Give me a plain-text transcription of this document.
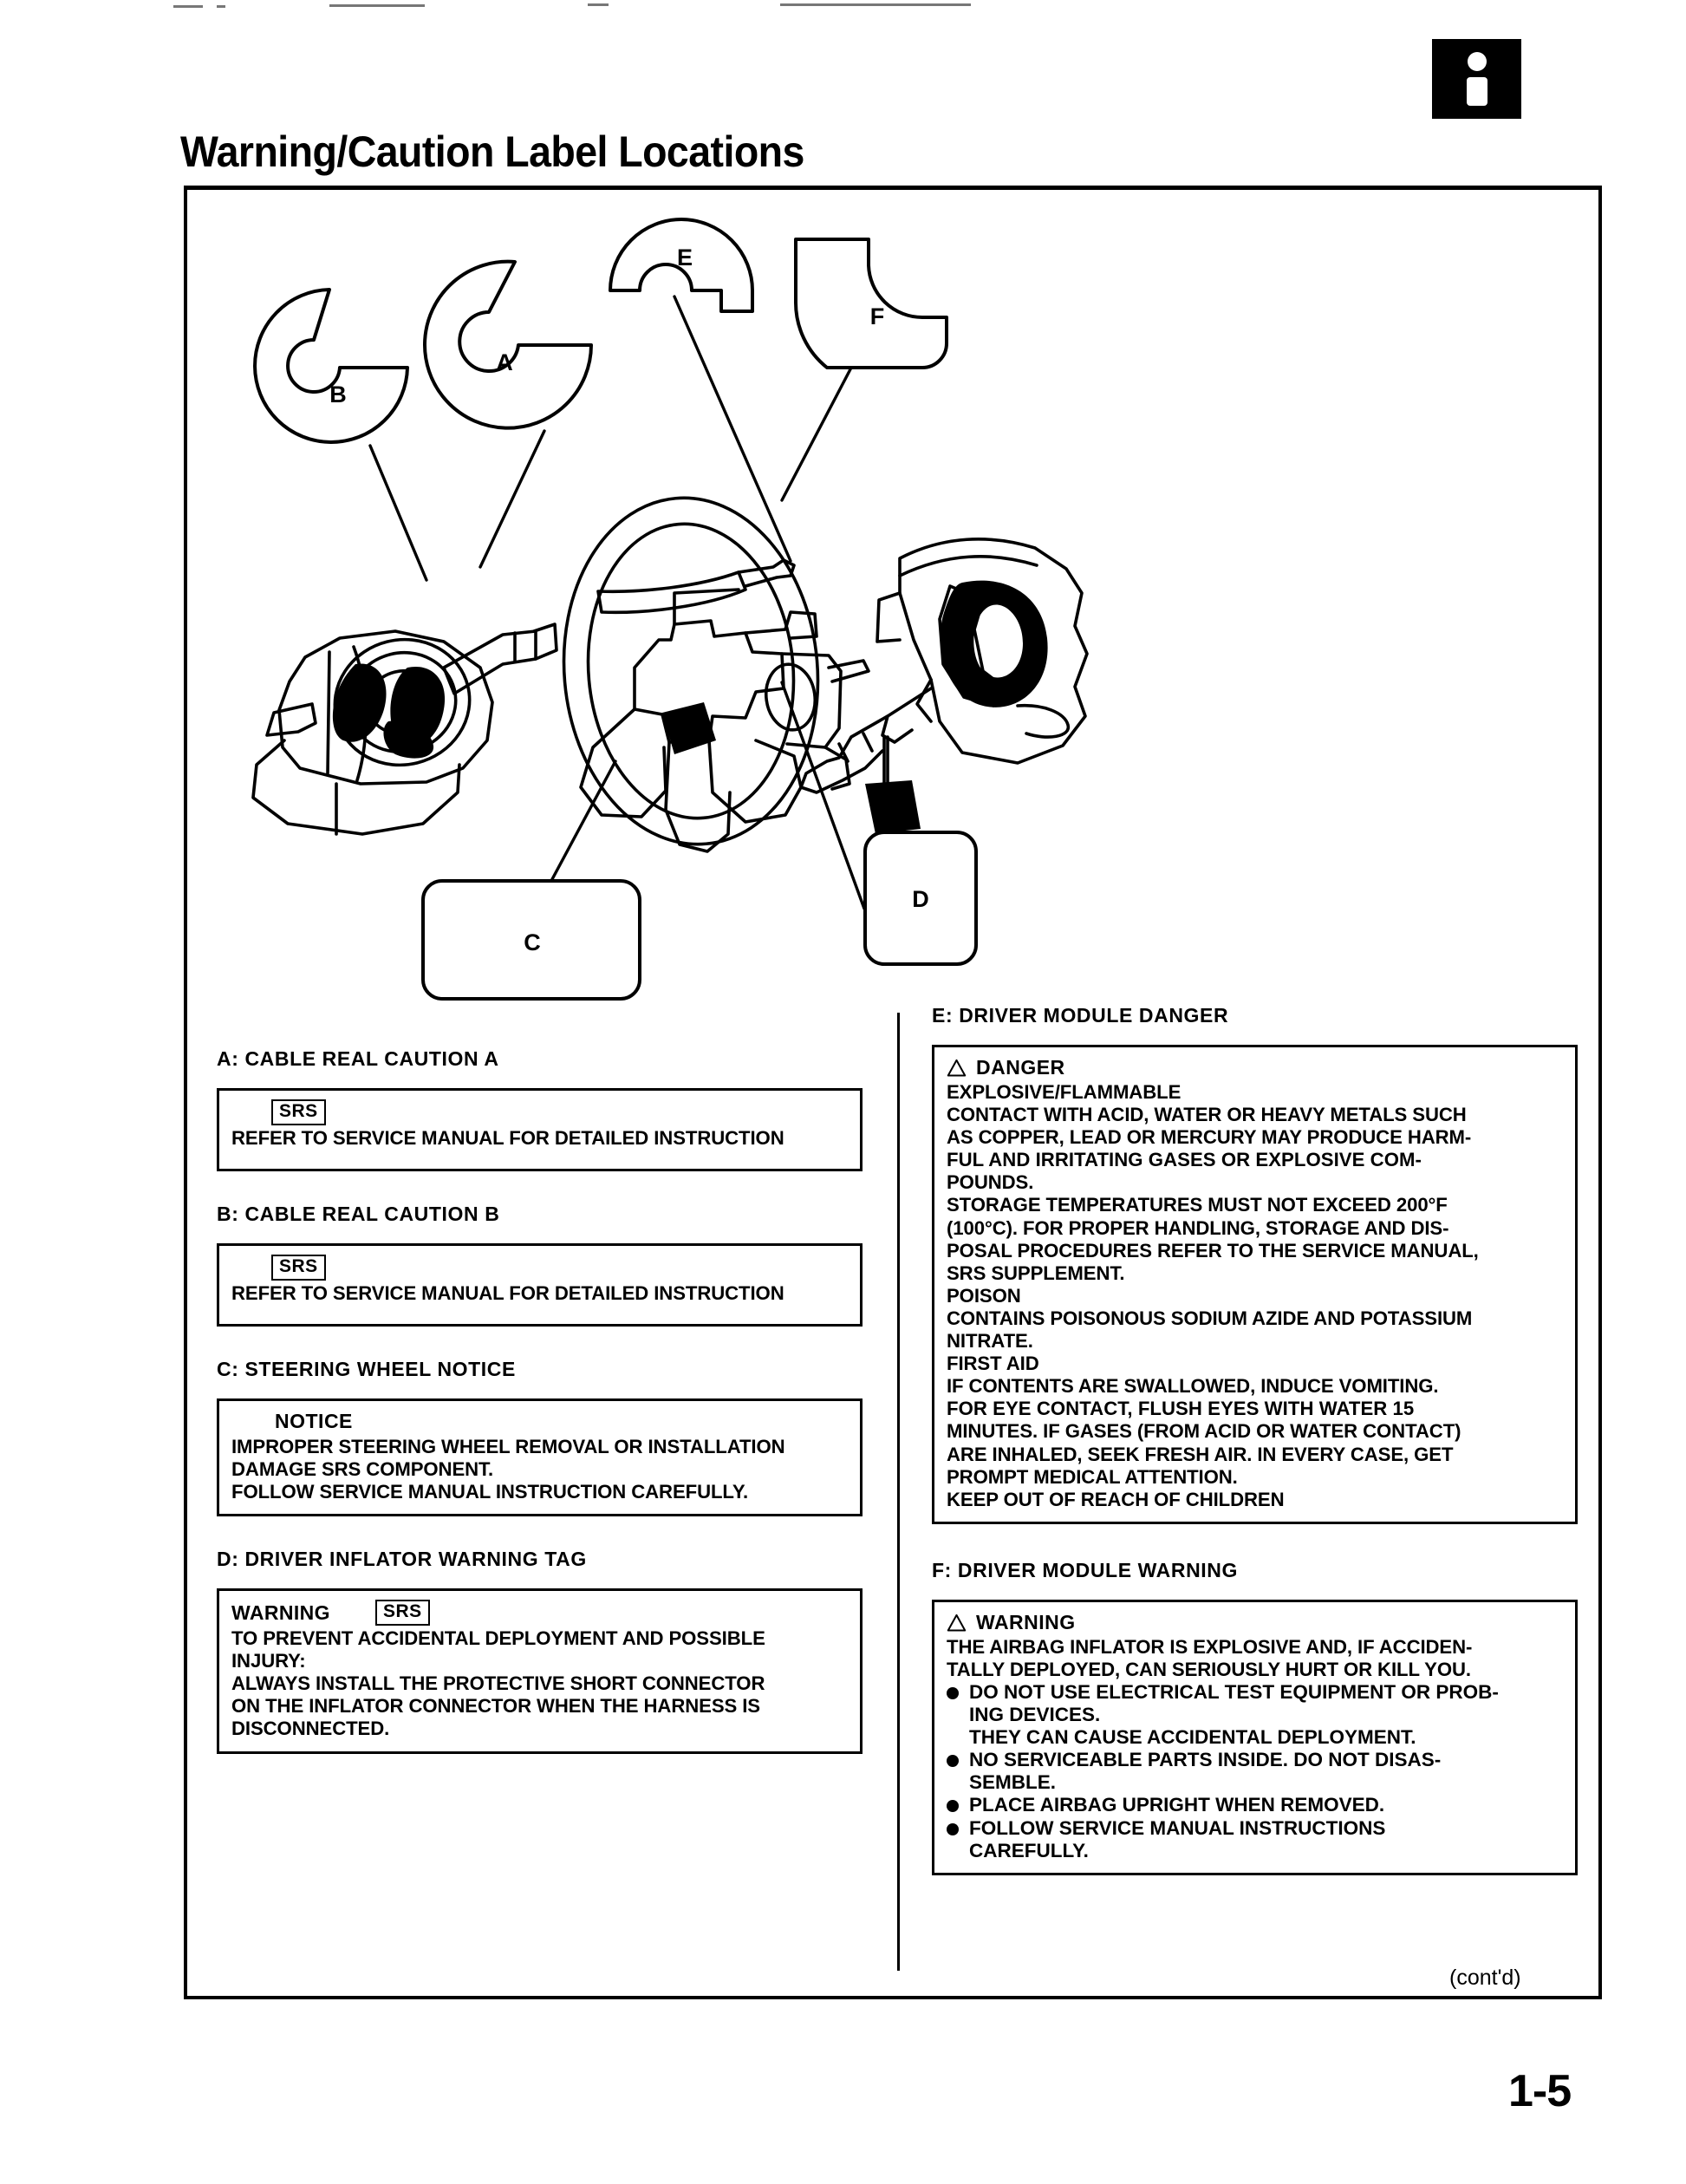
Warning/Caution Label Locations
B
A
E
F
C
D
A: CABLE REAL CAUTION A
SRS
REFER TO SERVICE MANUAL FOR DETAILED INSTRUCTION
B: CABLE REAL CAUTION B
SRS
REFER TO SERVICE MANUAL FOR DETAILED INSTRUCTION
C: STEERING WHEEL NOTICE
NOTICE
IMPROPER STEERING WHEEL REMOVAL OR INSTALLATION
DAMAGE SRS COMPONENT.
FOLLOW SERVICE MANUAL INSTRUCTION CAREFULLY.
D: DRIVER INFLATOR WARNING TAG
WARNING	SRS
TO PREVENT ACCIDENTAL DEPLOYMENT AND POSSIBLE
INJURY:
ALWAYS INSTALL THE PROTECTIVE SHORT CONNECTOR
ON THE INFLATOR CONNECTOR WHEN THE HARNESS IS
DISCONNECTED.
E: DRIVER MODULE DANGER
DANGER
EXPLOSIVE/FLAMMABLE
CONTACT WITH ACID, WATER OR HEAVY METALS SUCH
AS COPPER, LEAD OR MERCURY MAY PRODUCE HARM-
FUL AND IRRITATING GASES OR EXPLOSIVE COM-
POUNDS.
STORAGE TEMPERATURES MUST NOT EXCEED 200°F
(100°C). FOR PROPER HANDLING, STORAGE AND DIS-
POSAL PROCEDURES REFER TO THE SERVICE MANUAL,
SRS SUPPLEMENT.
POISON
CONTAINS POISONOUS SODIUM AZIDE AND POTASSIUM
NITRATE.
FIRST AID
IF CONTENTS ARE SWALLOWED, INDUCE VOMITING.
FOR EYE CONTACT, FLUSH EYES WITH WATER 15
MINUTES. IF GASES (FROM ACID OR WATER CONTACT)
ARE INHALED, SEEK FRESH AIR. IN EVERY CASE, GET
PROMPT MEDICAL ATTENTION.
KEEP OUT OF REACH OF CHILDREN
F: DRIVER MODULE WARNING
WARNING
THE AIRBAG INFLATOR IS EXPLOSIVE AND, IF ACCIDEN-
TALLY DEPLOYED, CAN SERIOUSLY HURT OR KILL YOU.
DO NOT USE ELECTRICAL TEST EQUIPMENT OR PROB-
ING DEVICES.
THEY CAN CAUSE ACCIDENTAL DEPLOYMENT.
NO SERVICEABLE PARTS INSIDE. DO NOT DISAS-
SEMBLE.
PLACE AIRBAG UPRIGHT WHEN REMOVED.
FOLLOW SERVICE MANUAL INSTRUCTIONS
CAREFULLY.
(cont'd)
1-5
